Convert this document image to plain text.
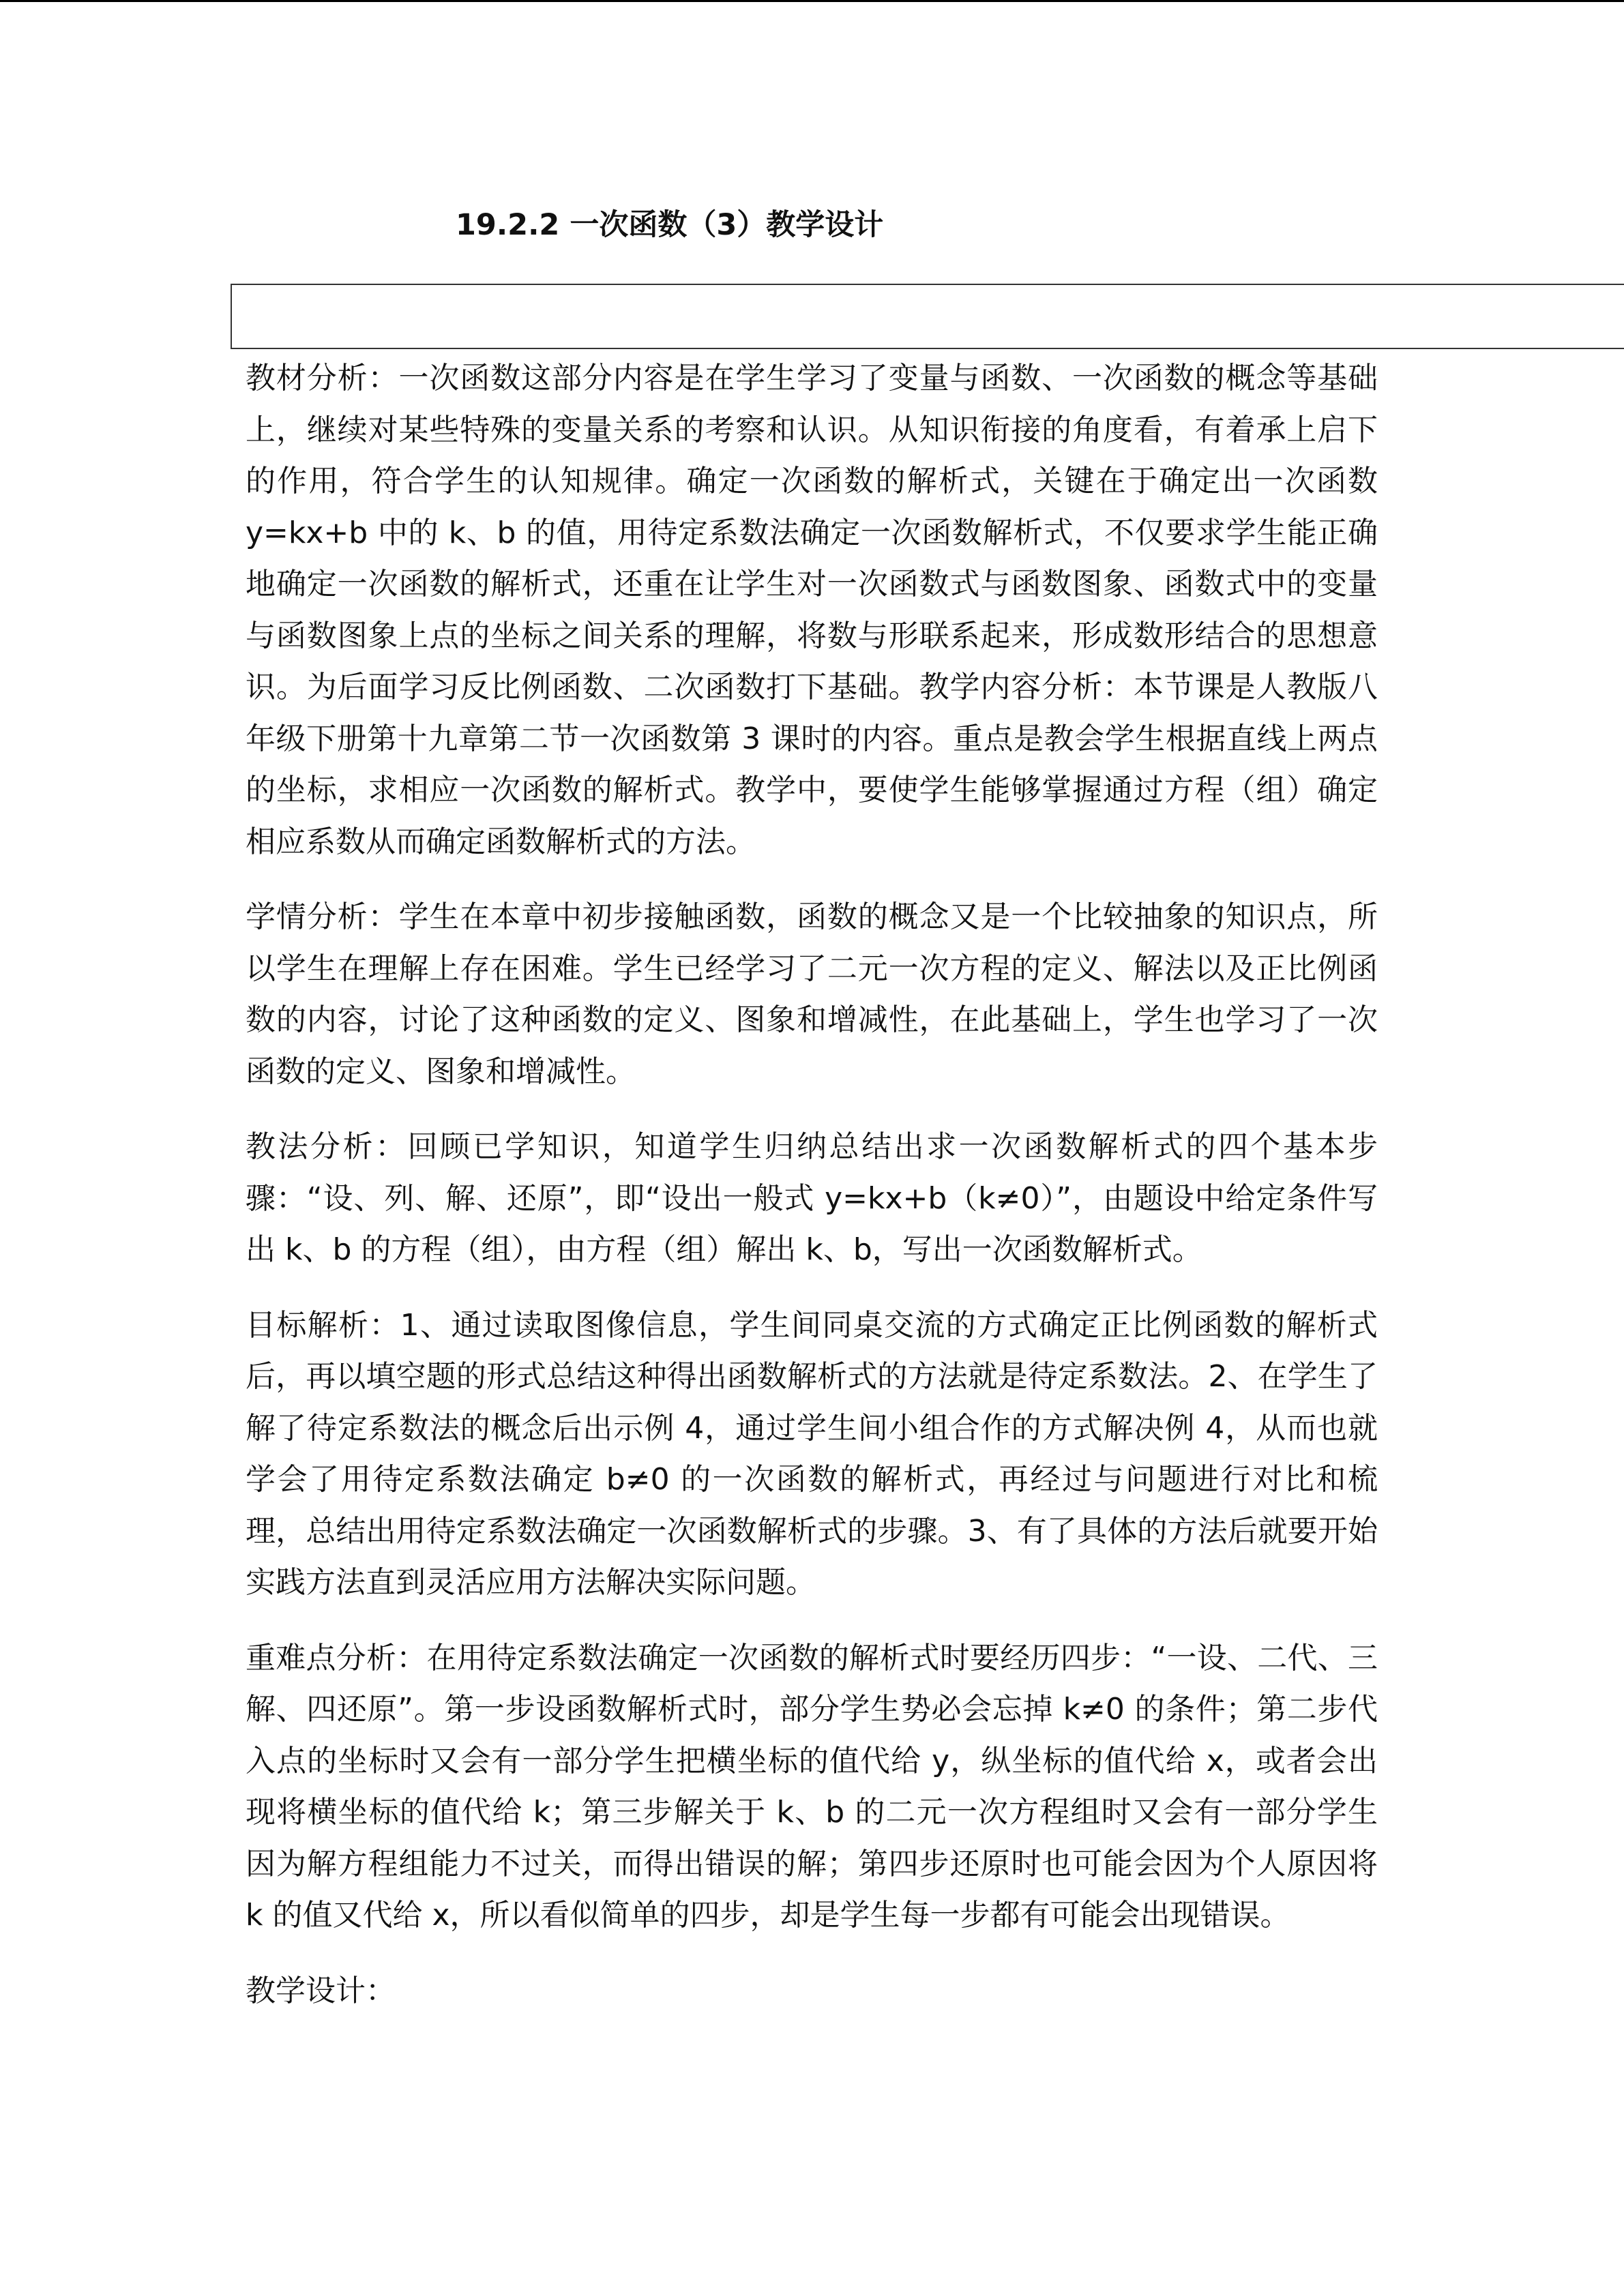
19.2.2 一次函数（3）教学设计

教材分析：一次函数这部分内容是在学生学习了变量与函数、一次函数的概念等基础上，继续对某些特殊的变量关系的考察和认识。从知识衔接的角度看，有着承上启下的作用，符合学生的认知规律。确定一次函数的解析式，关键在于确定出一次函数 y=kx+b 中的 k、b 的值，用待定系数法确定一次函数解析式，不仅要求学生能正确地确定一次函数的解析式，还重在让学生对一次函数式与函数图象、函数式中的变量与函数图象上点的坐标之间关系的理解，将数与形联系起来，形成数形结合的思想意识。为后面学习反比例函数、二次函数打下基础。教学内容分析：本节课是人教版八年级下册第十九章第二节一次函数第 3 课时的内容。重点是教会学生根据直线上两点的坐标，求相应一次函数的解析式。教学中，要使学生能够掌握通过方程（组）确定相应系数从而确定函数解析式的方法。

学情分析：学生在本章中初步接触函数，函数的概念又是一个比较抽象的知识点，所以学生在理解上存在困难。学生已经学习了二元一次方程的定义、解法以及正比例函数的内容，讨论了这种函数的定义、图象和增减性，在此基础上，学生也学习了一次函数的定义、图象和增减性。

教法分析：回顾已学知识，知道学生归纳总结出求一次函数解析式的四个基本步骤：“设、列、解、还原”，即“设出一般式 y=kx+b（k≠0）”，由题设中给定条件写出 k、b 的方程（组），由方程（组）解出 k、b，写出一次函数解析式。

目标解析：1、通过读取图像信息，学生间同桌交流的方式确定正比例函数的解析式后，再以填空题的形式总结这种得出函数解析式的方法就是待定系数法。2、在学生了解了待定系数法的概念后出示例 4，通过学生间小组合作的方式解决例 4，从而也就学会了用待定系数法确定 b≠0 的一次函数的解析式，再经过与问题进行对比和梳理，总结出用待定系数法确定一次函数解析式的步骤。3、有了具体的方法后就要开始实践方法直到灵活应用方法解决实际问题。

重难点分析：在用待定系数法确定一次函数的解析式时要经历四步：“一设、二代、三解、四还原”。第一步设函数解析式时，部分学生势必会忘掉 k≠0 的条件；第二步代入点的坐标时又会有一部分学生把横坐标的值代给 y，纵坐标的值代给 x，或者会出现将横坐标的值代给 k；第三步解关于 k、b 的二元一次方程组时又会有一部分学生因为解方程组能力不过关，而得出错误的解；第四步还原时也可能会因为个人原因将 k 的值又代给 x，所以看似简单的四步，却是学生每一步都有可能会出现错误。

教学设计：
